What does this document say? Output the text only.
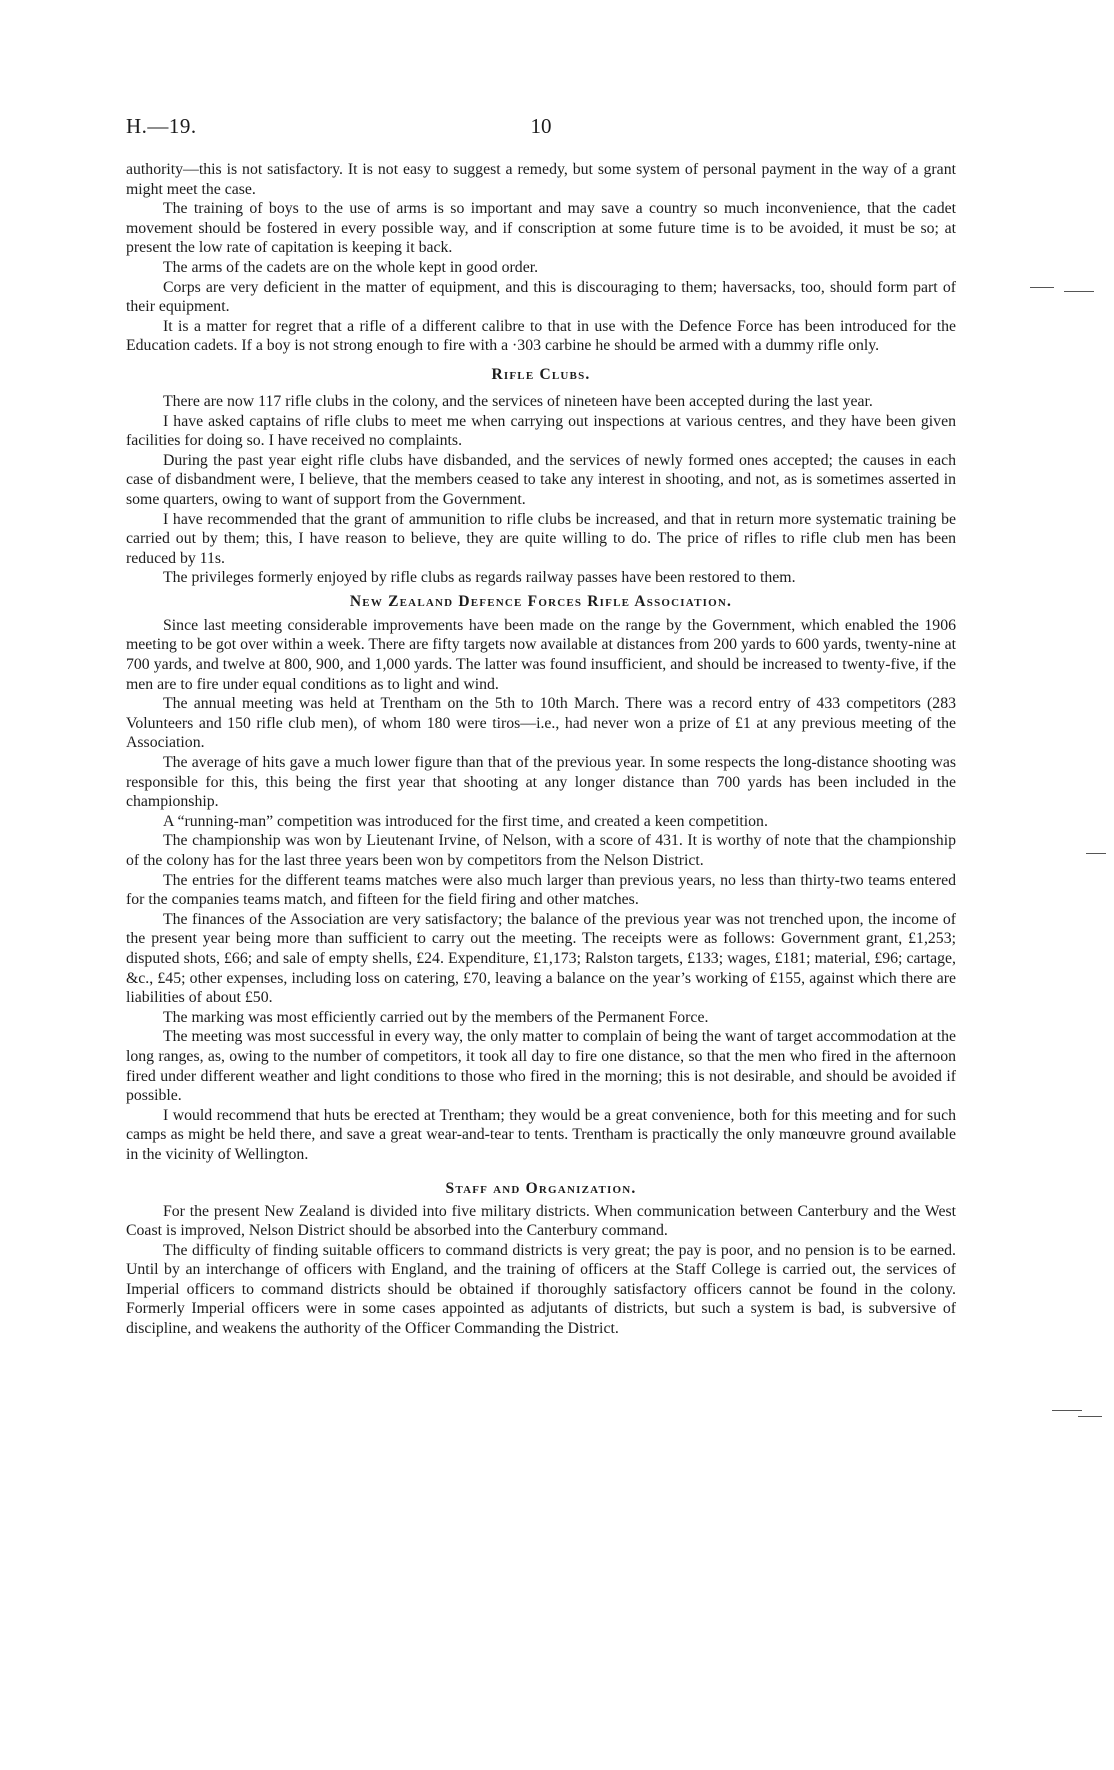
H.—19.	10

authority—this is not satisfactory. It is not easy to suggest a remedy, but some system of personal payment in the way of a grant might meet the case.

The training of boys to the use of arms is so important and may save a country so much inconvenience, that the cadet movement should be fostered in every possible way, and if conscription at some future time is to be avoided, it must be so; at present the low rate of capitation is keeping it back.

The arms of the cadets are on the whole kept in good order.

Corps are very deficient in the matter of equipment, and this is discouraging to them; haversacks, too, should form part of their equipment.

It is a matter for regret that a rifle of a different calibre to that in use with the Defence Force has been introduced for the Education cadets. If a boy is not strong enough to fire with a ·303 carbine he should be armed with a dummy rifle only.

Rifle Clubs.

There are now 117 rifle clubs in the colony, and the services of nineteen have been accepted during the last year.

I have asked captains of rifle clubs to meet me when carrying out inspections at various centres, and they have been given facilities for doing so. I have received no complaints.

During the past year eight rifle clubs have disbanded, and the services of newly formed ones accepted; the causes in each case of disbandment were, I believe, that the members ceased to take any interest in shooting, and not, as is sometimes asserted in some quarters, owing to want of support from the Government.

I have recommended that the grant of ammunition to rifle clubs be increased, and that in return more systematic training be carried out by them; this, I have reason to believe, they are quite willing to do. The price of rifles to rifle club men has been reduced by 11s.

The privileges formerly enjoyed by rifle clubs as regards railway passes have been restored to them.

New Zealand Defence Forces Rifle Association.

Since last meeting considerable improvements have been made on the range by the Government, which enabled the 1906 meeting to be got over within a week. There are fifty targets now available at distances from 200 yards to 600 yards, twenty-nine at 700 yards, and twelve at 800, 900, and 1,000 yards. The latter was found insufficient, and should be increased to twenty-five, if the men are to fire under equal conditions as to light and wind.

The annual meeting was held at Trentham on the 5th to 10th March. There was a record entry of 433 competitors (283 Volunteers and 150 rifle club men), of whom 180 were tiros—i.e., had never won a prize of £1 at any previous meeting of the Association.

The average of hits gave a much lower figure than that of the previous year. In some respects the long-distance shooting was responsible for this, this being the first year that shooting at any longer distance than 700 yards has been included in the championship.

A “running-man” competition was introduced for the first time, and created a keen competition.

The championship was won by Lieutenant Irvine, of Nelson, with a score of 431. It is worthy of note that the championship of the colony has for the last three years been won by competitors from the Nelson District.

The entries for the different teams matches were also much larger than previous years, no less than thirty-two teams entered for the companies teams match, and fifteen for the field firing and other matches.

The finances of the Association are very satisfactory; the balance of the previous year was not trenched upon, the income of the present year being more than sufficient to carry out the meeting. The receipts were as follows: Government grant, £1,253; disputed shots, £66; and sale of empty shells, £24. Expenditure, £1,173; Ralston targets, £133; wages, £181; material, £96; cartage, &c., £45; other expenses, including loss on catering, £70, leaving a balance on the year’s working of £155, against which there are liabilities of about £50.

The marking was most efficiently carried out by the members of the Permanent Force.

The meeting was most successful in every way, the only matter to complain of being the want of target accommodation at the long ranges, as, owing to the number of competitors, it took all day to fire one distance, so that the men who fired in the afternoon fired under different weather and light conditions to those who fired in the morning; this is not desirable, and should be avoided if possible.

I would recommend that huts be erected at Trentham; they would be a great convenience, both for this meeting and for such camps as might be held there, and save a great wear-and-tear to tents. Trentham is practically the only manœuvre ground available in the vicinity of Wellington.

Staff and Organization.

For the present New Zealand is divided into five military districts. When communication between Canterbury and the West Coast is improved, Nelson District should be absorbed into the Canterbury command.

The difficulty of finding suitable officers to command districts is very great; the pay is poor, and no pension is to be earned. Until by an interchange of officers with England, and the training of officers at the Staff College is carried out, the services of Imperial officers to command districts should be obtained if thoroughly satisfactory officers cannot be found in the colony. Formerly Imperial officers were in some cases appointed as adjutants of districts, but such a system is bad, is subversive of discipline, and weakens the authority of the Officer Commanding the District.
